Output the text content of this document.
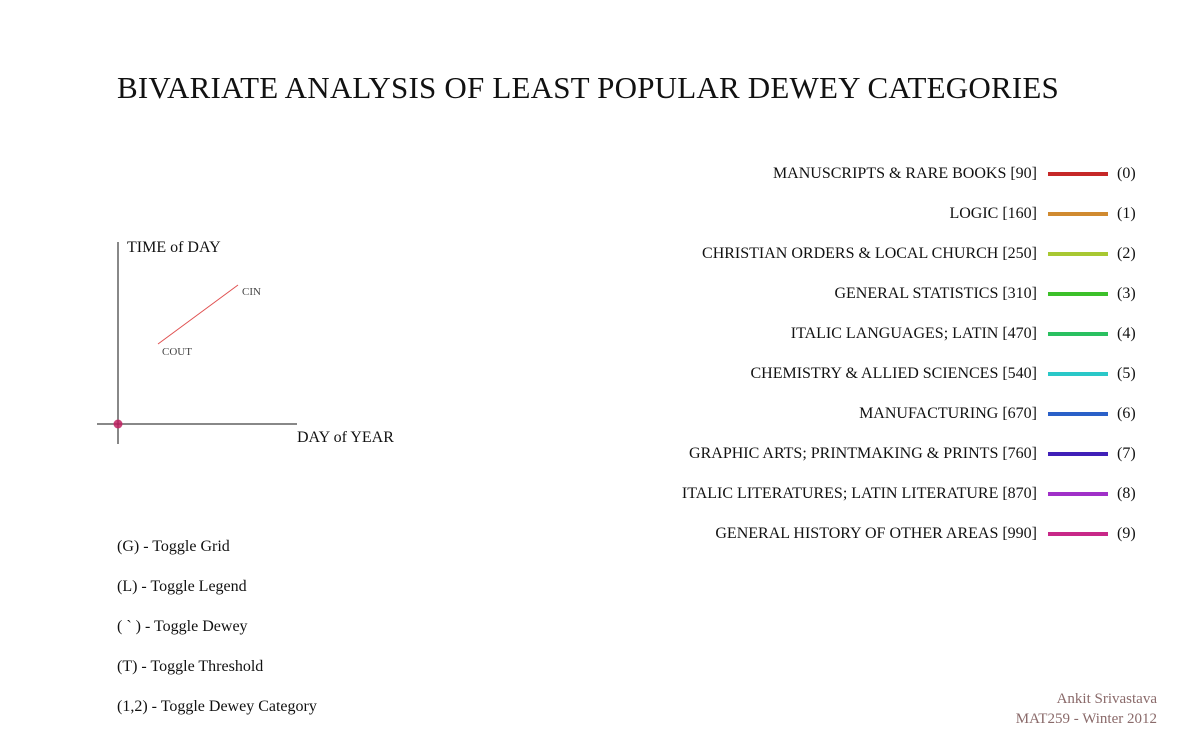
BIVARIATE ANALYSIS OF LEAST POPULAR DEWEY CATEGORIES
TIME of DAY
DAY of YEAR
CIN
COUT
MANUSCRIPTS & RARE BOOKS [90]	(0)
LOGIC [160]	(1)
CHRISTIAN ORDERS & LOCAL CHURCH [250]	(2)
GENERAL STATISTICS [310]	(3)
ITALIC LANGUAGES; LATIN [470]	(4)
CHEMISTRY & ALLIED SCIENCES [540]	(5)
MANUFACTURING [670]	(6)
GRAPHIC ARTS; PRINTMAKING & PRINTS [760]	(7)
ITALIC LITERATURES; LATIN LITERATURE [870]	(8)
GENERAL HISTORY OF OTHER AREAS [990]	(9)
(G) - Toggle Grid
(L) - Toggle Legend
( ` ) - Toggle Dewey
(T) - Toggle Threshold
(1,2) - Toggle Dewey Category	Ankit Srivastava
MAT259 - Winter 2012
